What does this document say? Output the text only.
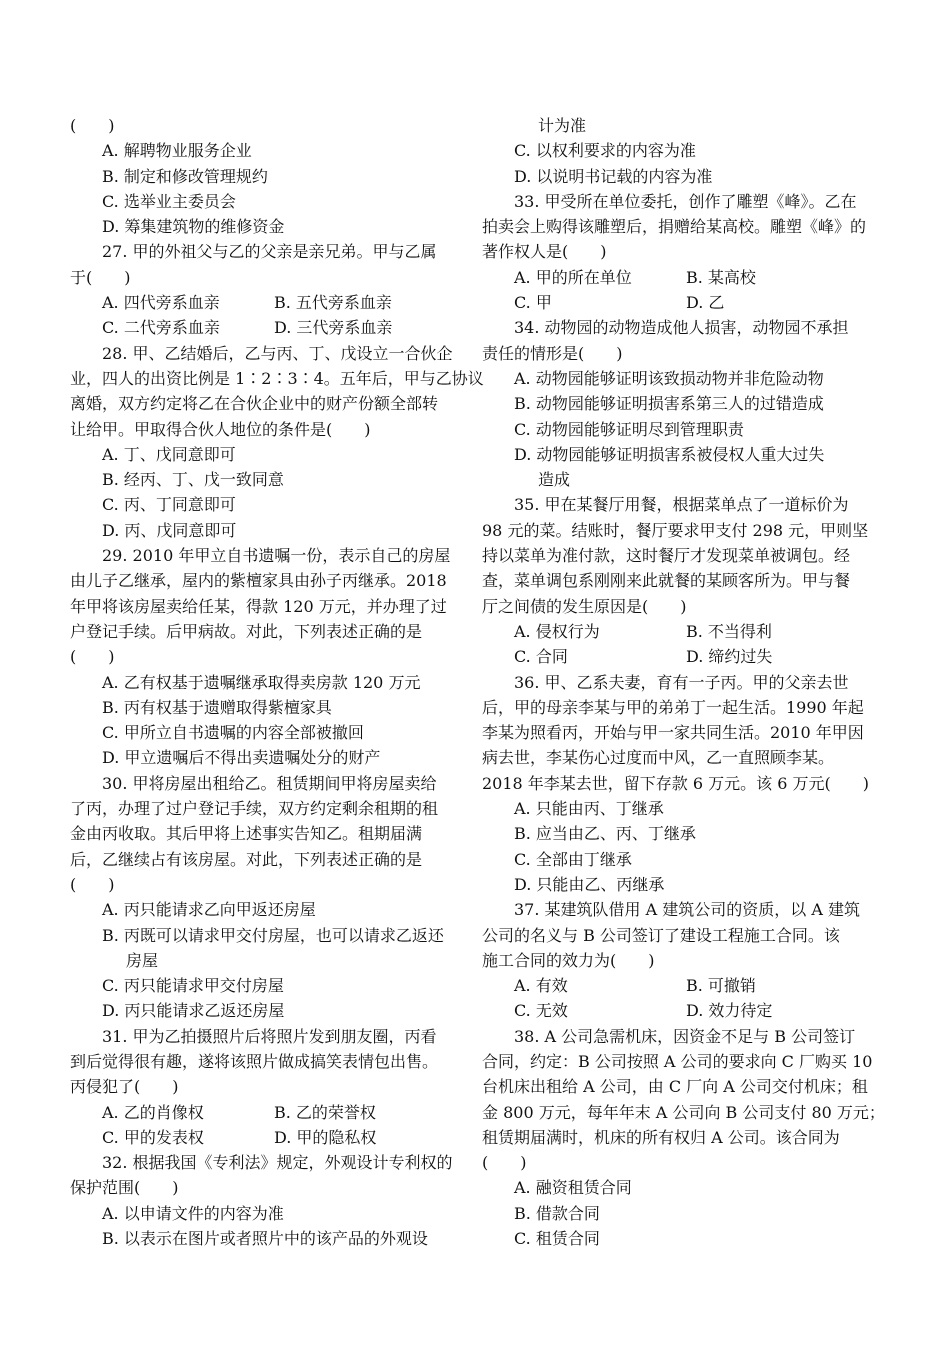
(　　)
A. 解聘物业服务企业
B. 制定和修改管理规约
C. 选举业主委员会
D. 筹集建筑物的维修资金
27. 甲的外祖父与乙的父亲是亲兄弟。甲与乙属
于(　　)
A. 四代旁系血亲	B. 五代旁系血亲
C. 二代旁系血亲	D. 三代旁系血亲
28. 甲、乙结婚后，乙与丙、丁、戊设立一合伙企
业，四人的出资比例是 1∶2∶3∶4。五年后，甲与乙协议
离婚，双方约定将乙在合伙企业中的财产份额全部转
让给甲。甲取得合伙人地位的条件是(　　)
A. 丁、戊同意即可
B. 经丙、丁、戊一致同意
C. 丙、丁同意即可
D. 丙、戊同意即可
29. 2010 年甲立自书遗嘱一份，表示自己的房屋
由儿子乙继承，屋内的紫檀家具由孙子丙继承。2018
年甲将该房屋卖给任某，得款 120 万元，并办理了过
户登记手续。后甲病故。对此，下列表述正确的是
(　　)
A. 乙有权基于遗嘱继承取得卖房款 120 万元
B. 丙有权基于遗赠取得紫檀家具
C. 甲所立自书遗嘱的内容全部被撤回
D. 甲立遗嘱后不得出卖遗嘱处分的财产
30. 甲将房屋出租给乙。租赁期间甲将房屋卖给
了丙，办理了过户登记手续，双方约定剩余租期的租
金由丙收取。其后甲将上述事实告知乙。租期届满
后，乙继续占有该房屋。对此，下列表述正确的是
(　　)
A. 丙只能请求乙向甲返还房屋
B. 丙既可以请求甲交付房屋，也可以请求乙返还
房屋
C. 丙只能请求甲交付房屋
D. 丙只能请求乙返还房屋
31. 甲为乙拍摄照片后将照片发到朋友圈，丙看
到后觉得很有趣，遂将该照片做成搞笑表情包出售。
丙侵犯了(　　)
A. 乙的肖像权	B. 乙的荣誉权
C. 甲的发表权	D. 甲的隐私权
32. 根据我国《专利法》规定，外观设计专利权的
保护范围(　　)
A. 以申请文件的内容为准
B. 以表示在图片或者照片中的该产品的外观设
计为准
C. 以权利要求的内容为准
D. 以说明书记载的内容为准
33. 甲受所在单位委托，创作了雕塑《峰》。乙在
拍卖会上购得该雕塑后，捐赠给某高校。雕塑《峰》的
著作权人是(　　)
A. 甲的所在单位	B. 某高校
C. 甲	D. 乙
34. 动物园的动物造成他人损害，动物园不承担
责任的情形是(　　)
A. 动物园能够证明该致损动物并非危险动物
B. 动物园能够证明损害系第三人的过错造成
C. 动物园能够证明尽到管理职责
D. 动物园能够证明损害系被侵权人重大过失
造成
35. 甲在某餐厅用餐，根据菜单点了一道标价为
98 元的菜。结账时，餐厅要求甲支付 298 元，甲则坚
持以菜单为准付款，这时餐厅才发现菜单被调包。经
查，菜单调包系刚刚来此就餐的某顾客所为。甲与餐
厅之间债的发生原因是(　　)
A. 侵权行为	B. 不当得利
C. 合同	D. 缔约过失
36. 甲、乙系夫妻，育有一子丙。甲的父亲去世
后，甲的母亲李某与甲的弟弟丁一起生活。1990 年起
李某为照看丙，开始与甲一家共同生活。2010 年甲因
病去世，李某伤心过度而中风，乙一直照顾李某。
2018 年李某去世，留下存款 6 万元。该 6 万元(　　)
A. 只能由丙、丁继承
B. 应当由乙、丙、丁继承
C. 全部由丁继承
D. 只能由乙、丙继承
37. 某建筑队借用 A 建筑公司的资质，以 A 建筑
公司的名义与 B 公司签订了建设工程施工合同。该
施工合同的效力为(　　)
A. 有效	B. 可撤销
C. 无效	D. 效力待定
38. A 公司急需机床，因资金不足与 B 公司签订
合同，约定：B 公司按照 A 公司的要求向 C 厂购买 10
台机床出租给 A 公司，由 C 厂向 A 公司交付机床；租
金 800 万元，每年年末 A 公司向 B 公司支付 80 万元；
租赁期届满时，机床的所有权归 A 公司。该合同为
(　　)
A. 融资租赁合同
B. 借款合同
C. 租赁合同
